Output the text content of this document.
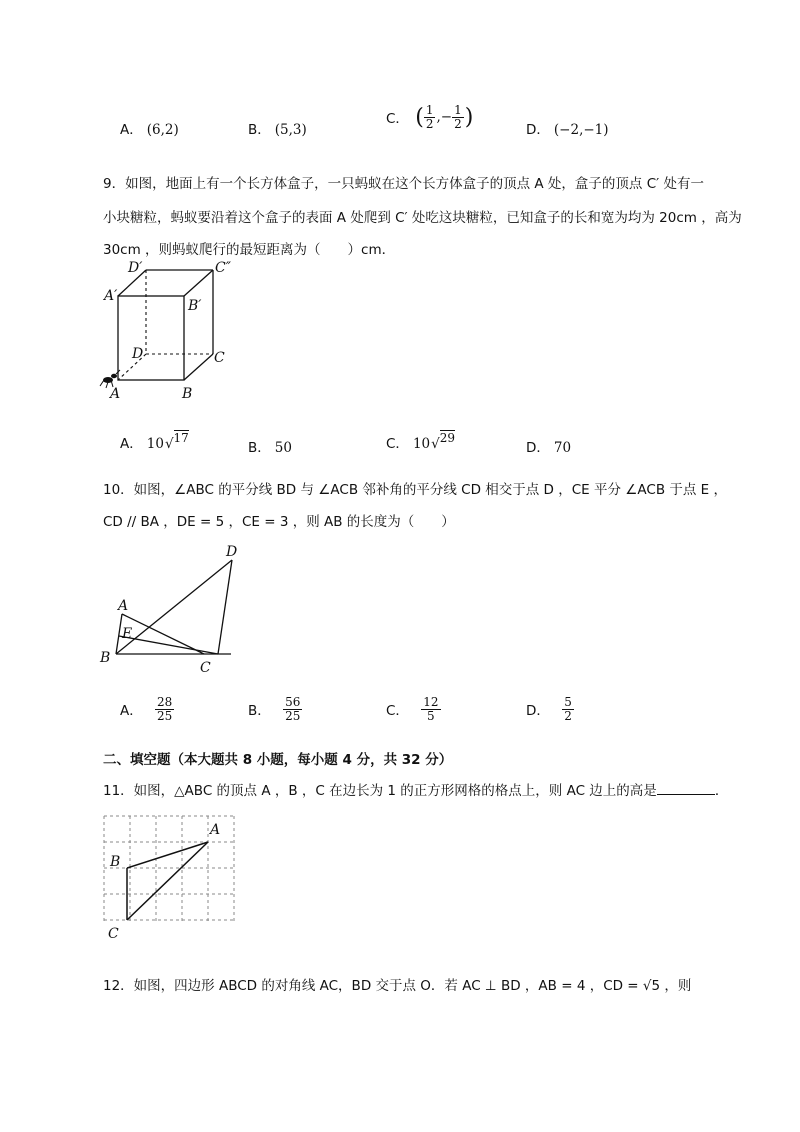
A． (6,2)	B． (5,3)
C． ( $\frac{1}{2}$ ,− $\frac{1}{2}$ )
D． (−2,−1)
9．如图，地面上有一个长方体盒子，一只蚂蚁在这个长方体盒子的顶点 A 处，盒子的顶点 C′ 处有一
小块糖粒，蚂蚁要沿着这个盒子的表面 A 处爬到 C′ 处吃这块糖粒，已知盒子的长和宽为均为 20cm ，高为
30cm ，则蚂蚁爬行的最短距离为（　　）cm．
D′	C″
A′
B′
D	C
A	B
A． 10√17
B． 50	C． 10√29
D． 70
10．如图，∠ABC 的平分线 BD 与 ∠ACB 邻补角的平分线 CD 相交于点 D ，CE 平分 ∠ACB 于点 E ，
CD // BA ，DE = 5 ，CE = 3 ，则 AB 的长度为（　　）
D
A
E
B
C
A． $\frac{28}{25}$	B． $\frac{56}{25}$	C． $\frac{12}{5}$	D． $\frac{5}{2}$
二、填空题（本大题共 8 小题，每小题 4 分，共 32 分）
11．如图，△ABC 的顶点 A ，B ，C 在边长为 1 的正方形网格的格点上，则 AC 边上的高是	．
A
B
C
12．如图，四边形 ABCD 的对角线 AC，BD 交于点 O．若 AC ⊥ BD ，AB = 4 ，CD = √5 ，则
